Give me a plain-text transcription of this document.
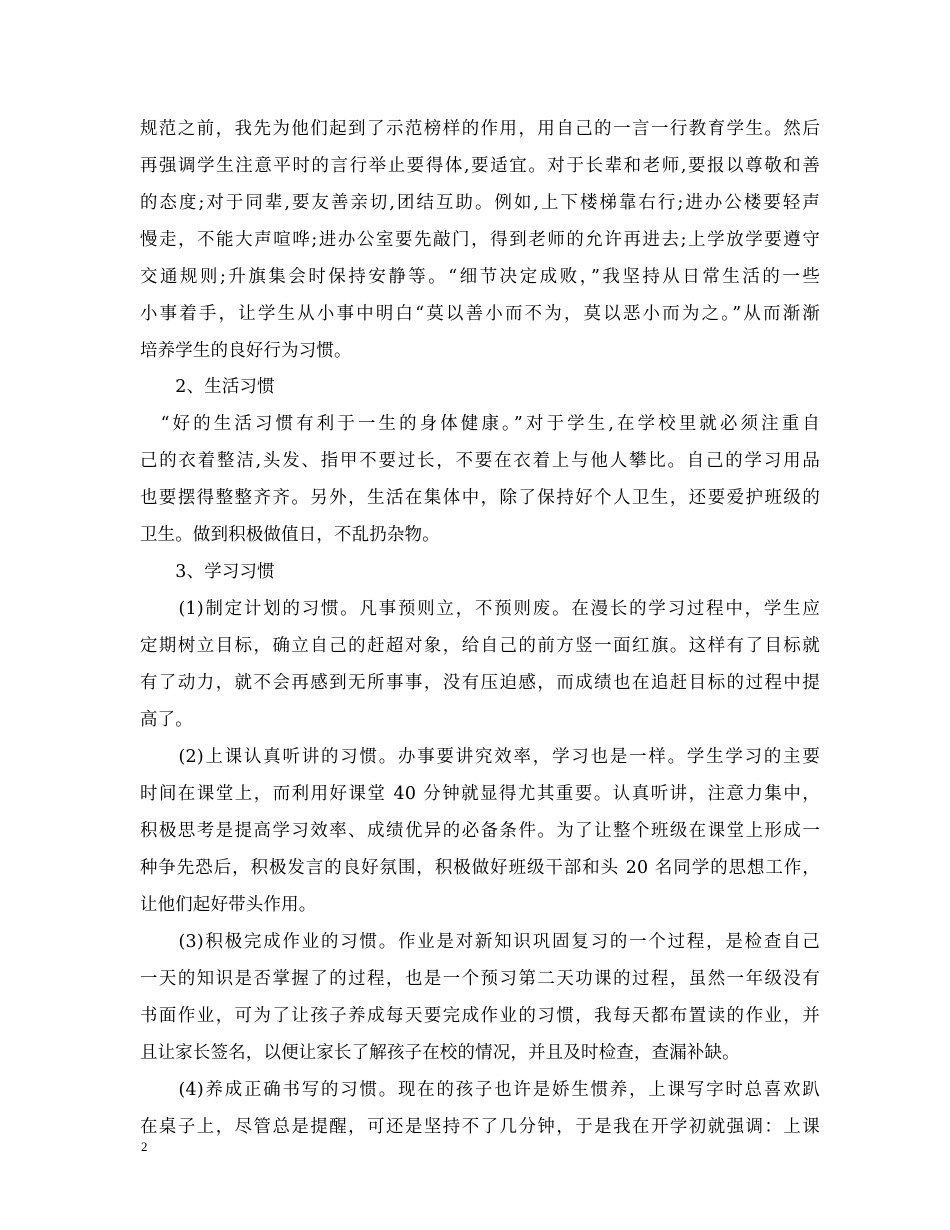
规范之前，我先为他们起到了示范榜样的作用，用自己的一言一行教育学生。然后
再强调学生注意平时的言行举止要得体,要适宜。对于长辈和老师,要报以尊敬和善
的态度;对于同辈,要友善亲切,团结互助。例如,上下楼梯靠右行;进办公楼要轻声
慢走，不能大声喧哗;进办公室要先敲门，得到老师的允许再进去;上学放学要遵守
交通规则;升旗集会时保持安静等。“细节决定成败，”我坚持从日常生活的一些
小事着手，让学生从小事中明白“莫以善小而不为，莫以恶小而为之。”从而渐渐
培养学生的良好行为习惯。
　　2、生活习惯
　“好的生活习惯有利于一生的身体健康。”对于学生,在学校里就必须注重自
己的衣着整洁,头发、指甲不要过长，不要在衣着上与他人攀比。自己的学习用品
也要摆得整整齐齐。另外，生活在集体中，除了保持好个人卫生，还要爱护班级的
卫生。做到积极做值日，不乱扔杂物。
　　3、学习习惯
　　(1)制定计划的习惯。凡事预则立，不预则废。在漫长的学习过程中，学生应
定期树立目标，确立自己的赶超对象，给自己的前方竖一面红旗。这样有了目标就
有了动力，就不会再感到无所事事，没有压迫感，而成绩也在追赶目标的过程中提
高了。
　　(2)上课认真听讲的习惯。办事要讲究效率，学习也是一样。学生学习的主要
时间在课堂上，而利用好课堂 40 分钟就显得尤其重要。认真听讲，注意力集中，
积极思考是提高学习效率、成绩优异的必备条件。为了让整个班级在课堂上形成一
种争先恐后，积极发言的良好氛围，积极做好班级干部和头 20 名同学的思想工作，
让他们起好带头作用。
　　(3)积极完成作业的习惯。作业是对新知识巩固复习的一个过程，是检查自己
一天的知识是否掌握了的过程，也是一个预习第二天功课的过程，虽然一年级没有
书面作业，可为了让孩子养成每天要完成作业的习惯，我每天都布置读的作业，并
且让家长签名，以便让家长了解孩子在校的情况，并且及时检查，查漏补缺。
　　(4)养成正确书写的习惯。现在的孩子也许是娇生惯养，上课写字时总喜欢趴
在桌子上，尽管总是提醒，可还是坚持不了几分钟，于是我在开学初就强调：上课
2
